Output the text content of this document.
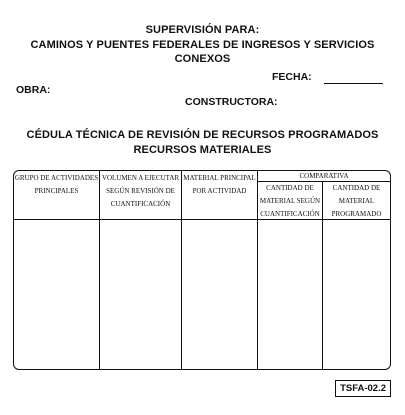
SUPERVISIÓN PARA:
CAMINOS Y PUENTES FEDERALES DE INGRESOS Y SERVICIOS
CONEXOS
FECHA:
OBRA:
CONSTRUCTORA:
CÉDULA TÉCNICA DE REVISIÓN DE RECURSOS PROGRAMADOS
RECURSOS MATERIALES
GRUPO DE ACTIVIDADES PRINCIPALES
VOLUMEN A EJECUTAR SEGÚN REVISIÓN DE CUANTIFICACIÓN
MATERIAL PRINCIPAL POR ACTIVIDAD
COMPARATIVA
CANTIDAD DE MATERIAL SEGÚN CUANTIFICACIÓN
CANTIDAD DE MATERIAL PROGRAMADO
TSFA-02.2
